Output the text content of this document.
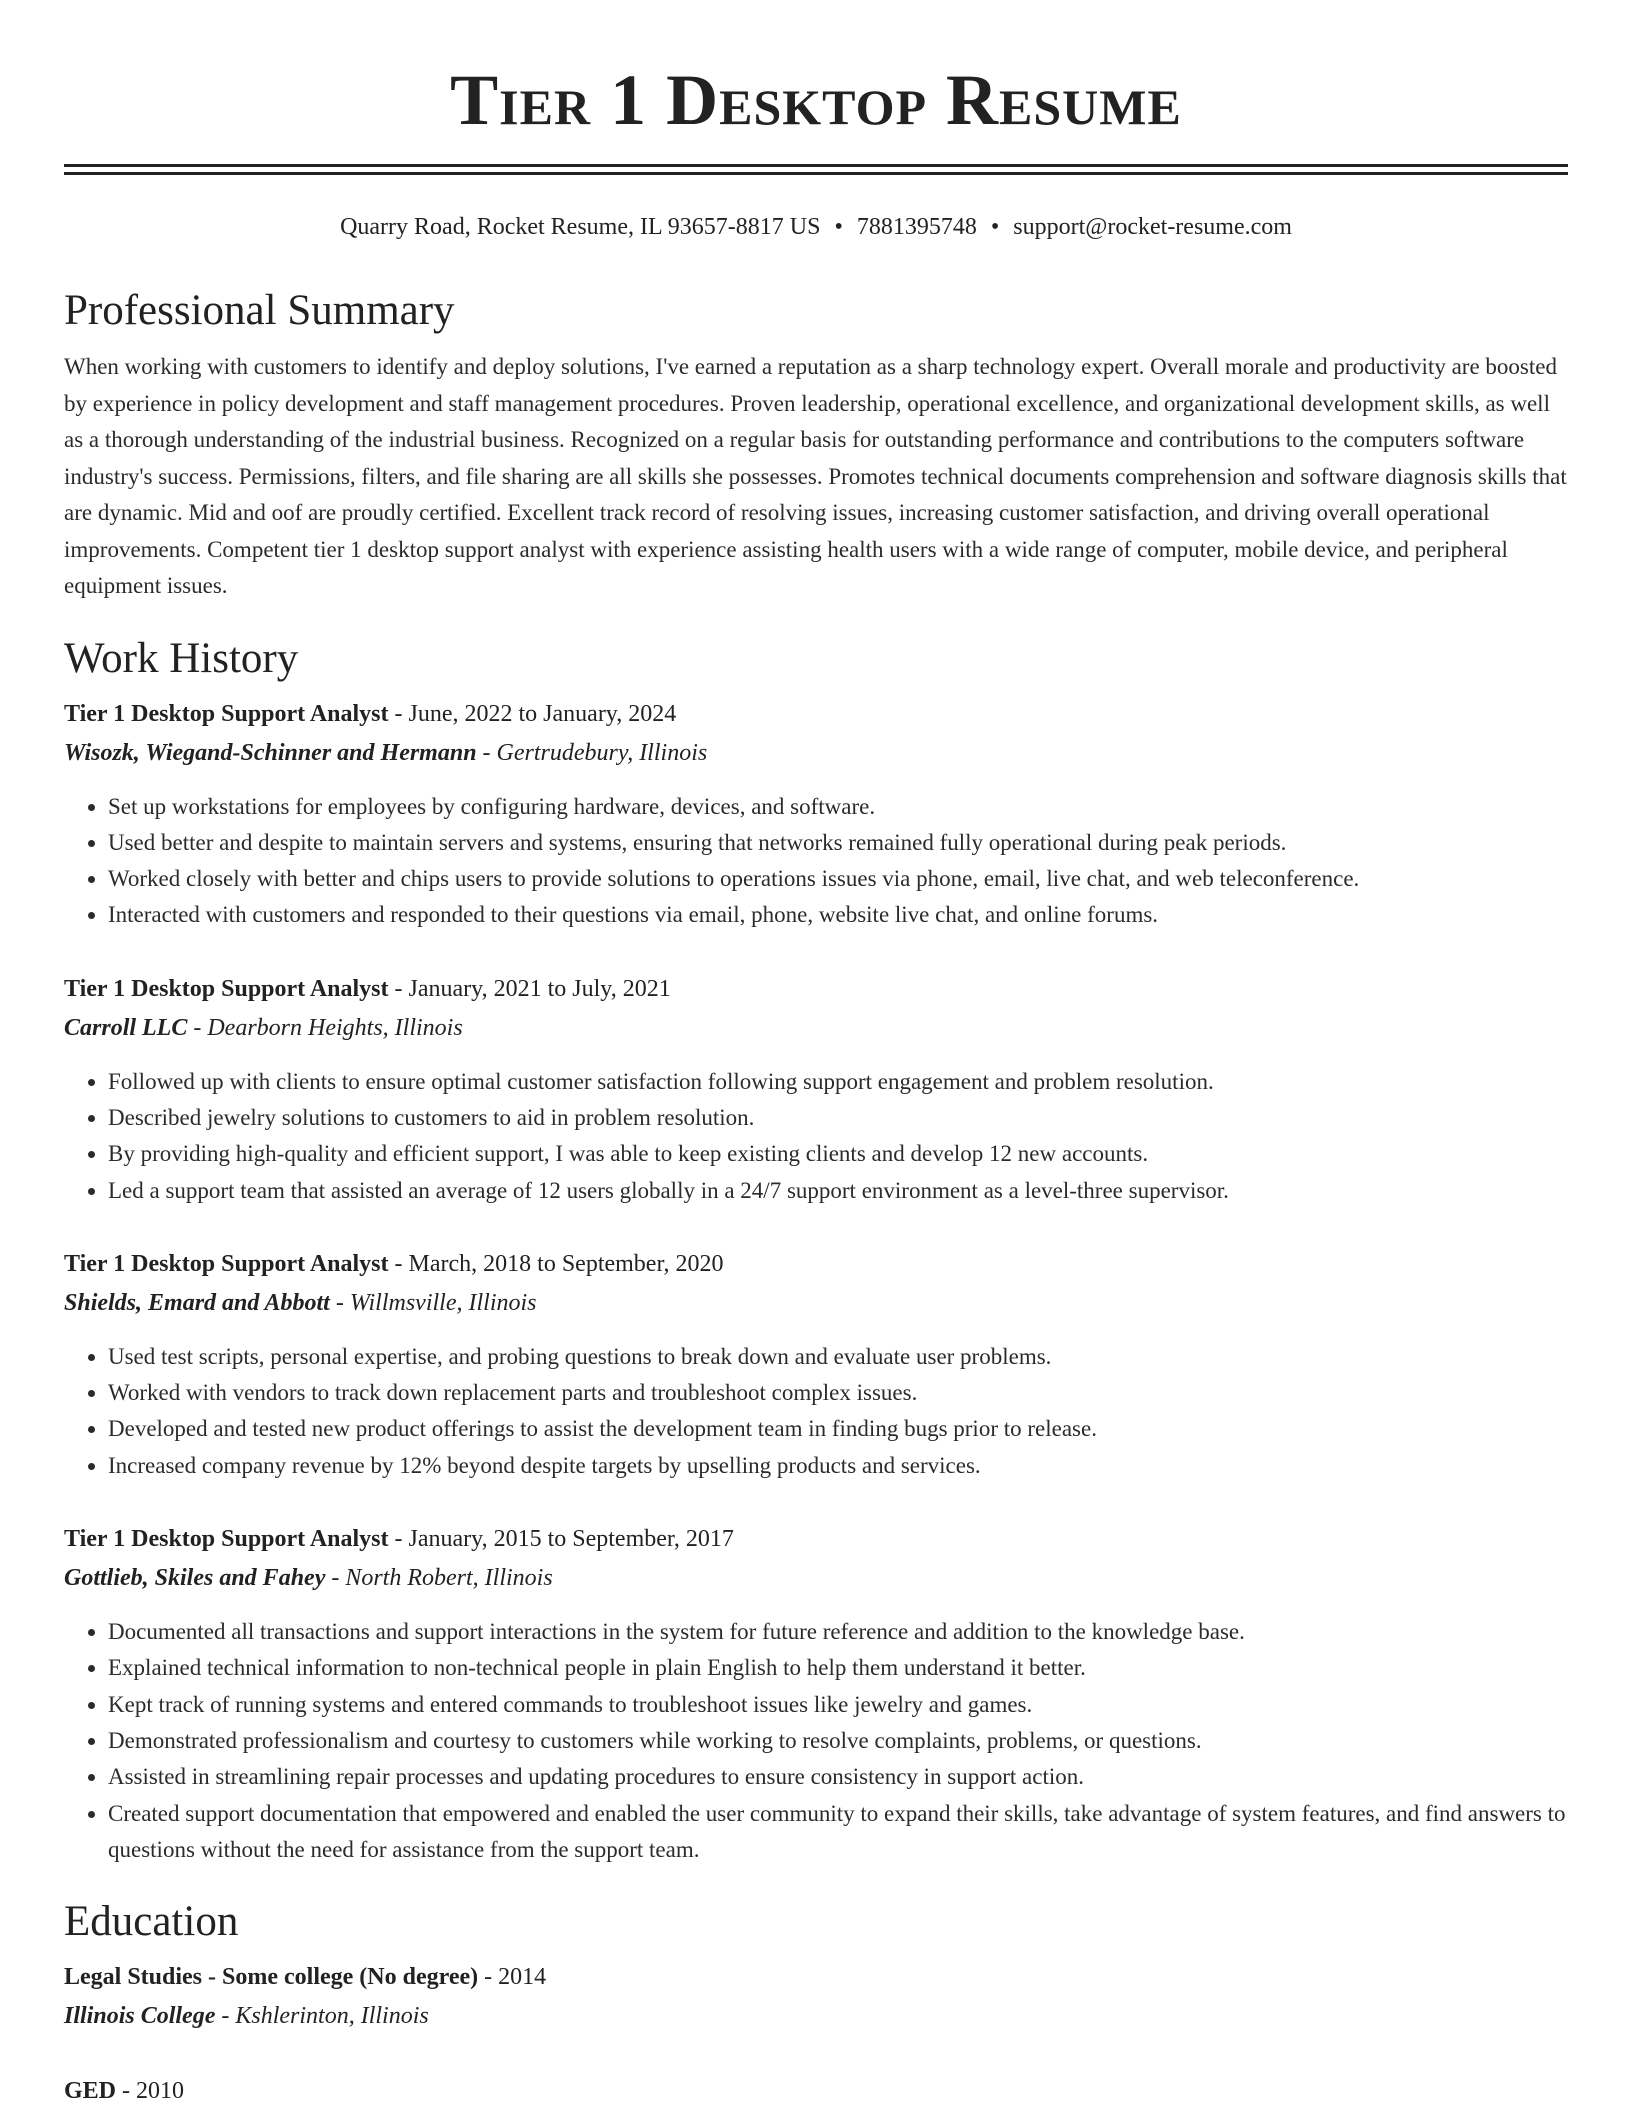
Tier 1 Desktop Resume
Quarry Road, Rocket Resume, IL 93657-8817 US • 7881395748 • support@rocket-resume.com
Professional Summary

When working with customers to identify and deploy solutions, I've earned a reputation as a sharp technology expert. Overall morale and productivity are boosted by experience in policy development and staff management procedures. Proven leadership, operational excellence, and organizational development skills, as well as a thorough understanding of the industrial business. Recognized on a regular basis for outstanding performance and contributions to the computers software industry's success. Permissions, filters, and file sharing are all skills she possesses. Promotes technical documents comprehension and software diagnosis skills that are dynamic. Mid and oof are proudly certified. Excellent track record of resolving issues, increasing customer satisfaction, and driving overall operational improvements. Competent tier 1 desktop support analyst with experience assisting health users with a wide range of computer, mobile device, and peripheral equipment issues.

Work History
Tier 1 Desktop Support Analyst - June, 2022 to January, 2024
Wisozk, Wiegand-Schinner and Hermann - Gertrudebury, Illinois
• Set up workstations for employees by configuring hardware, devices, and software.
• Used better and despite to maintain servers and systems, ensuring that networks remained fully operational during peak periods.
• Worked closely with better and chips users to provide solutions to operations issues via phone, email, live chat, and web teleconference.
• Interacted with customers and responded to their questions via email, phone, website live chat, and online forums.
Tier 1 Desktop Support Analyst - January, 2021 to July, 2021
Carroll LLC - Dearborn Heights, Illinois
• Followed up with clients to ensure optimal customer satisfaction following support engagement and problem resolution.
• Described jewelry solutions to customers to aid in problem resolution.
• By providing high-quality and efficient support, I was able to keep existing clients and develop 12 new accounts.
• Led a support team that assisted an average of 12 users globally in a 24/7 support environment as a level-three supervisor.
Tier 1 Desktop Support Analyst - March, 2018 to September, 2020
Shields, Emard and Abbott - Willmsville, Illinois
• Used test scripts, personal expertise, and probing questions to break down and evaluate user problems.
• Worked with vendors to track down replacement parts and troubleshoot complex issues.
• Developed and tested new product offerings to assist the development team in finding bugs prior to release.
• Increased company revenue by 12% beyond despite targets by upselling products and services.
Tier 1 Desktop Support Analyst - January, 2015 to September, 2017
Gottlieb, Skiles and Fahey - North Robert, Illinois
• Documented all transactions and support interactions in the system for future reference and addition to the knowledge base.
• Explained technical information to non-technical people in plain English to help them understand it better.
• Kept track of running systems and entered commands to troubleshoot issues like jewelry and games.
• Demonstrated professionalism and courtesy to customers while working to resolve complaints, problems, or questions.
• Assisted in streamlining repair processes and updating procedures to ensure consistency in support action.
• Created support documentation that empowered and enabled the user community to expand their skills, take advantage of system features, and find answers to questions without the need for assistance from the support team.
Education
Legal Studies - Some college (No degree) - 2014
Illinois College - Kshlerinton, Illinois
GED - 2010
